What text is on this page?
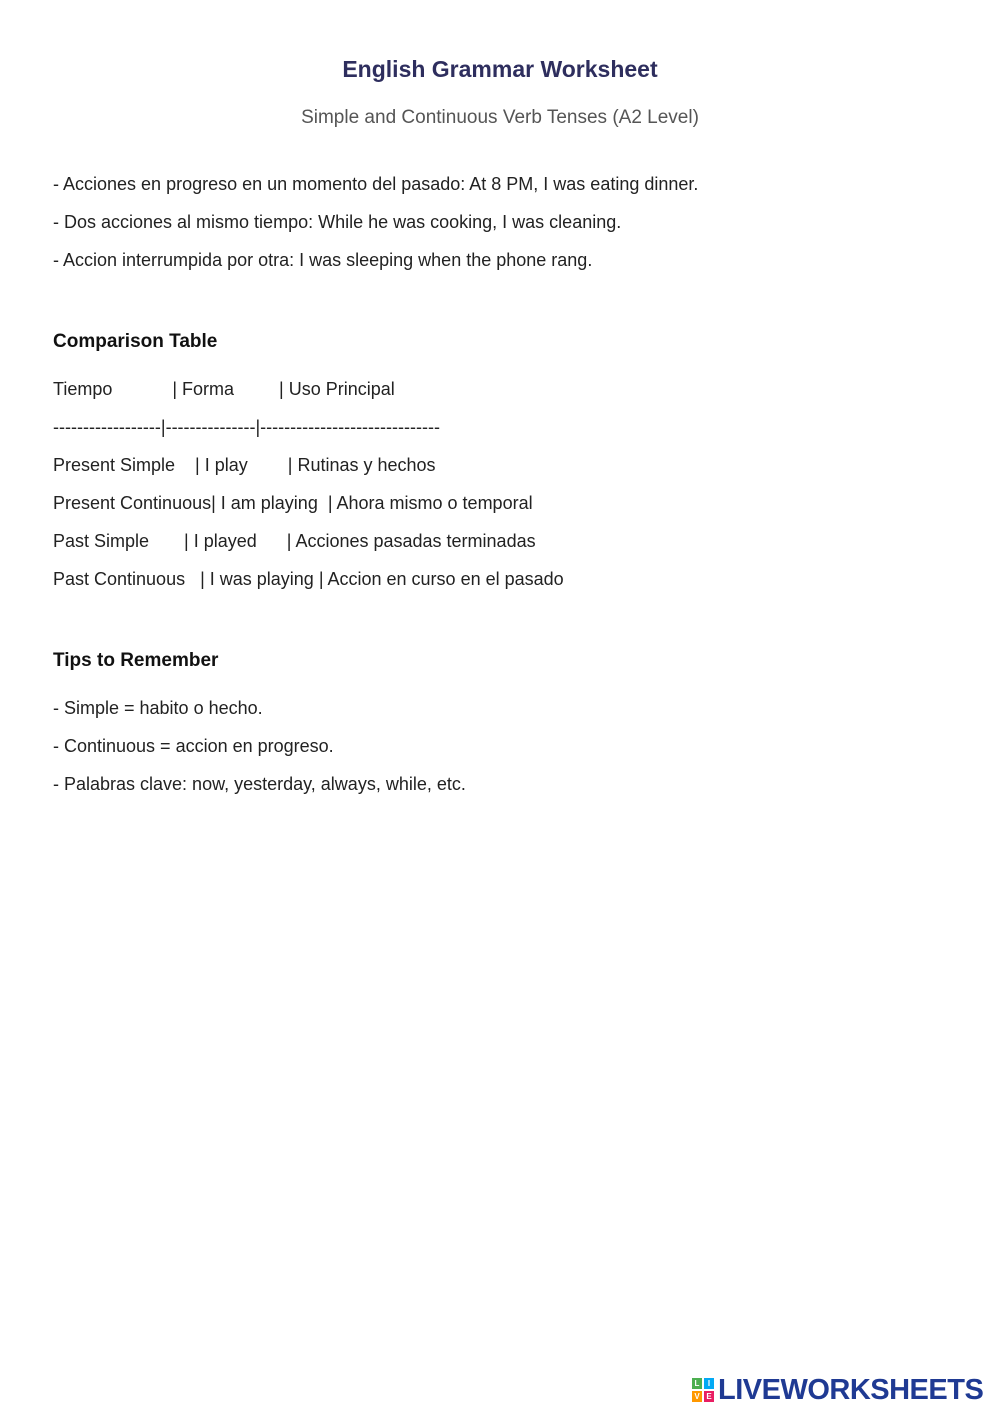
English Grammar Worksheet
Simple and Continuous Verb Tenses (A2 Level)
- Acciones en progreso en un momento del pasado: At 8 PM, I was eating dinner.
- Dos acciones al mismo tiempo: While he was cooking, I was cleaning.
- Accion interrumpida por otra: I was sleeping when the phone rang.
Comparison Table
Tiempo            | Forma         | Uso Principal
------------------|---------------|------------------------------
Present Simple    | I play        | Rutinas y hechos
Present Continuous| I am playing  | Ahora mismo o temporal
Past Simple       | I played      | Acciones pasadas terminadas
Past Continuous   | I was playing | Accion en curso en el pasado
Tips to Remember
- Simple = habito o hecho.
- Continuous = accion en progreso.
- Palabras clave: now, yesterday, always, while, etc.
L	I
V E LIVEWORKSHEETS
